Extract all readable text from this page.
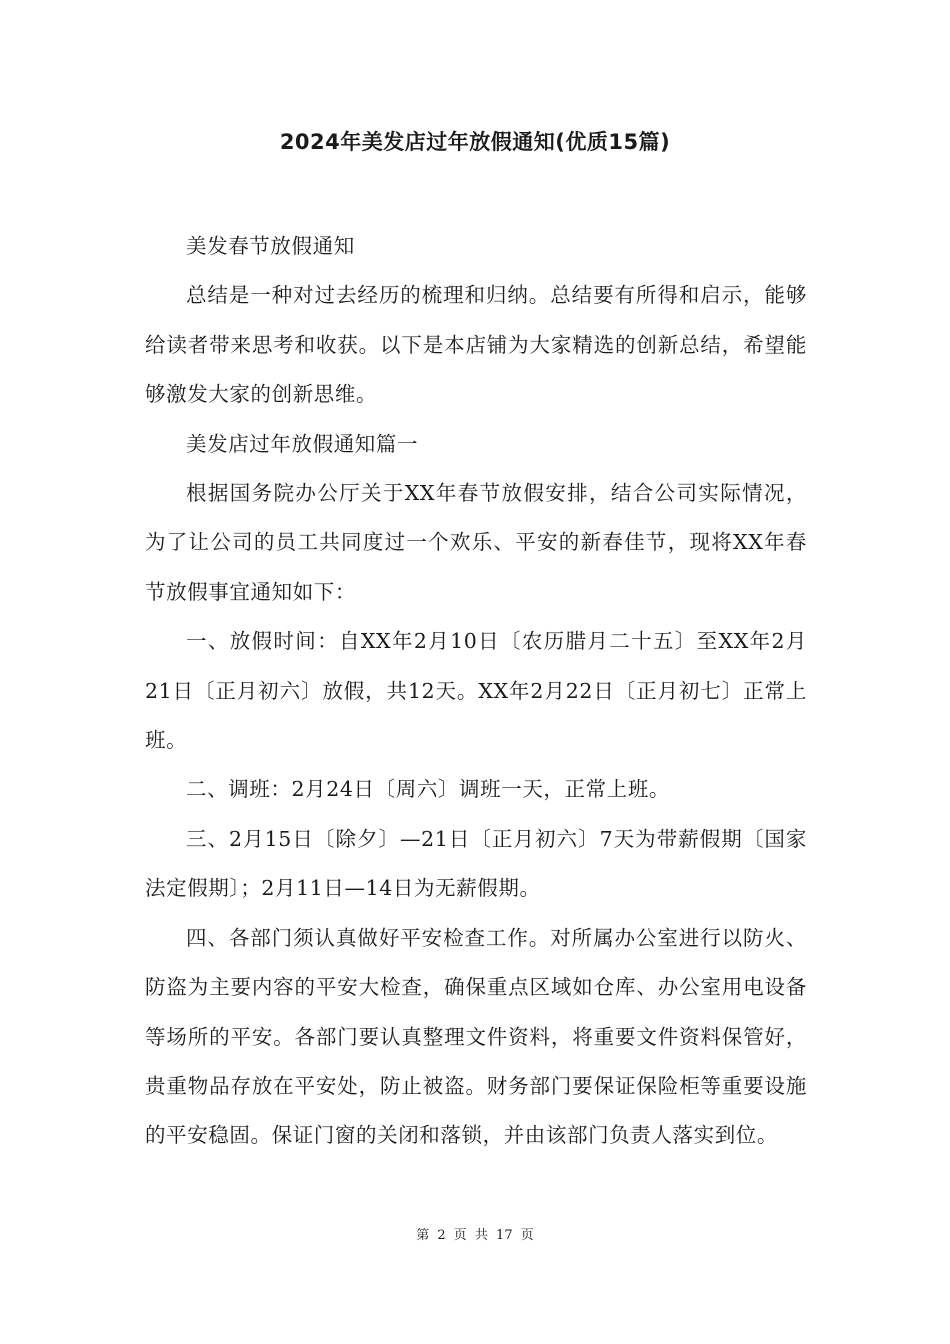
2024年美发店过年放假通知(优质15篇)

美发春节放假通知

总结是一种对过去经历的梳理和归纳。总结要有所得和启示，能够给读者带来思考和收获。以下是本店铺为大家精选的创新总结，希望能够激发大家的创新思维。

美发店过年放假通知篇一

根据国务院办公厅关于XX年春节放假安排，结合公司实际情况，为了让公司的员工共同度过一个欢乐、平安的新春佳节，现将XX年春节放假事宜通知如下：

一、放假时间：自XX年2月10日〔农历腊月二十五〕至XX年2月21日〔正月初六〕放假，共12天。XX年2月22日〔正月初七〕正常上班。

二、调班：2月24日〔周六〕调班一天，正常上班。

三、2月15日〔除夕〕—21日〔正月初六〕7天为带薪假期〔国家法定假期〕；2月11日—14日为无薪假期。

四、各部门须认真做好平安检查工作。对所属办公室进行以防火、防盗为主要内容的平安大检查，确保重点区域如仓库、办公室用电设备等场所的平安。各部门要认真整理文件资料，将重要文件资料保管好，贵重物品存放在平安处，防止被盗。财务部门要保证保险柜等重要设施的平安稳固。保证门窗的关闭和落锁，并由该部门负责人落实到位。

第 2 页 共 17 页
